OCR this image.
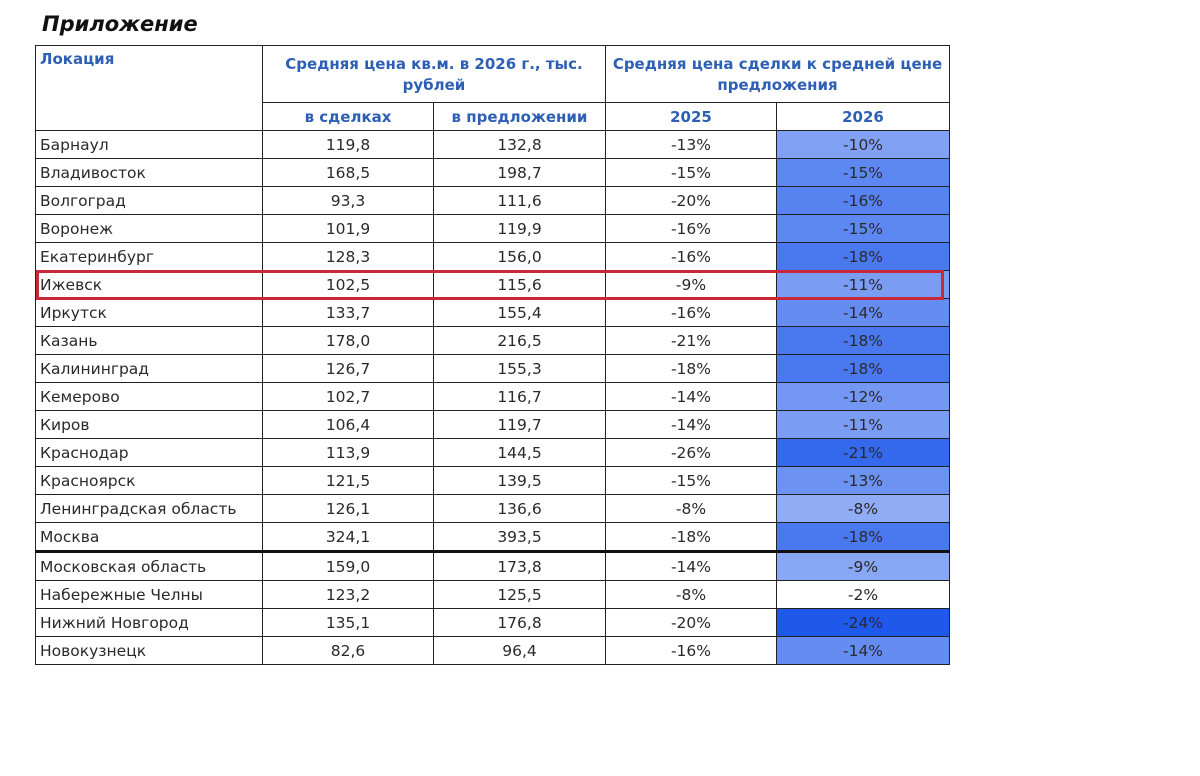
Приложение
Локация	Средняя цена кв.м. в 2026 г., тыс. рублей		Средняя цена сделки к средней цене предложения	
	в сделках	в предложении	2025	2026
Барнаул	119,8	132,8	-13%	-10%
Владивосток	168,5	198,7	-15%	-15%
Волгоград	93,3	111,6	-20%	-16%
Воронеж	101,9	119,9	-16%	-15%
Екатеринбург	128,3	156,0	-16%	-18%
Ижевск	102,5	115,6	-9%	-11%
Иркутск	133,7	155,4	-16%	-14%
Казань	178,0	216,5	-21%	-18%
Калининград	126,7	155,3	-18%	-18%
Кемерово	102,7	116,7	-14%	-12%
Киров	106,4	119,7	-14%	-11%
Краснодар	113,9	144,5	-26%	-21%
Красноярск	121,5	139,5	-15%	-13%
Ленинградская область	126,1	136,6	-8%	-8%
Москва	324,1	393,5	-18%	-18%
Московская область	159,0	173,8	-14%	-9%
Набережные Челны	123,2	125,5	-8%	-2%
Нижний Новгород	135,1	176,8	-20%	-24%
Новокузнецк	82,6	96,4	-16%	-14%
